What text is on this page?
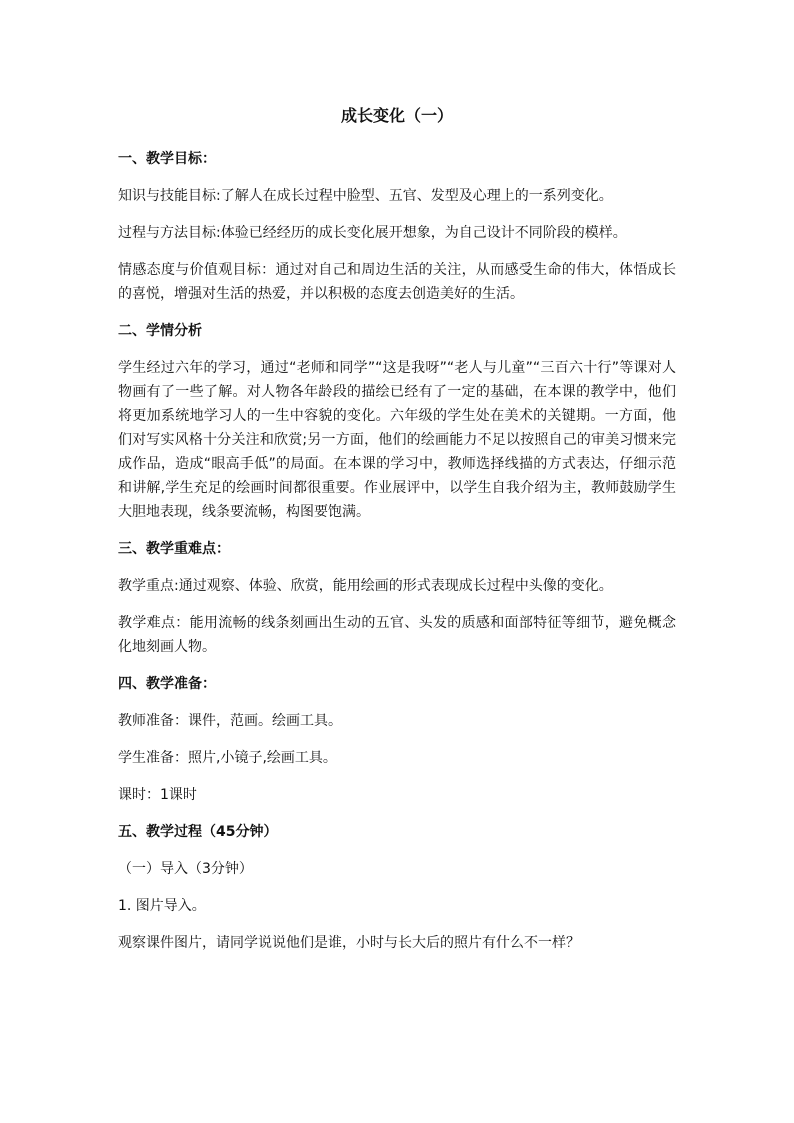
成长变化（一）
一、教学目标：
知识与技能目标:了解人在成长过程中脸型、五官、发型及心理上的一系列变化。
过程与方法目标:体验已经经历的成长变化展开想象，为自己设计不同阶段的模样。
情感态度与价值观目标：通过对自己和周边生活的关注，从而感受生命的伟大，体悟成长的喜悦，增强对生活的热爱，并以积极的态度去创造美好的生活。
二、学情分析
学生经过六年的学习，通过“老师和同学”“这是我呀”“老人与儿童”“三百六十行”等课对人物画有了一些了解。对人物各年龄段的描绘已经有了一定的基础，在本课的教学中，他们将更加系统地学习人的一生中容貌的变化。六年级的学生处在美术的关键期。一方面，他们对写实风格十分关注和欣赏;另一方面，他们的绘画能力不足以按照自己的审美习惯来完成作品，造成“眼高手低”的局面。在本课的学习中，教师选择线描的方式表达，仔细示范和讲解,学生充足的绘画时间都很重要。作业展评中，以学生自我介绍为主，教师鼓励学生大胆地表现，线条要流畅，构图要饱满。
三、教学重难点：
教学重点:通过观察、体验、欣赏，能用绘画的形式表现成长过程中头像的变化。
教学难点：能用流畅的线条刻画出生动的五官、头发的质感和面部特征等细节，避免概念化地刻画人物。
四、教学准备：
教师准备：课件，范画。绘画工具。
学生准备：照片,小镜子,绘画工具。
课时：1课时
五、教学过程（45分钟）
（一）导入（3分钟）
1. 图片导入。
观察课件图片，请同学说说他们是谁，小时与长大后的照片有什么不一样？
